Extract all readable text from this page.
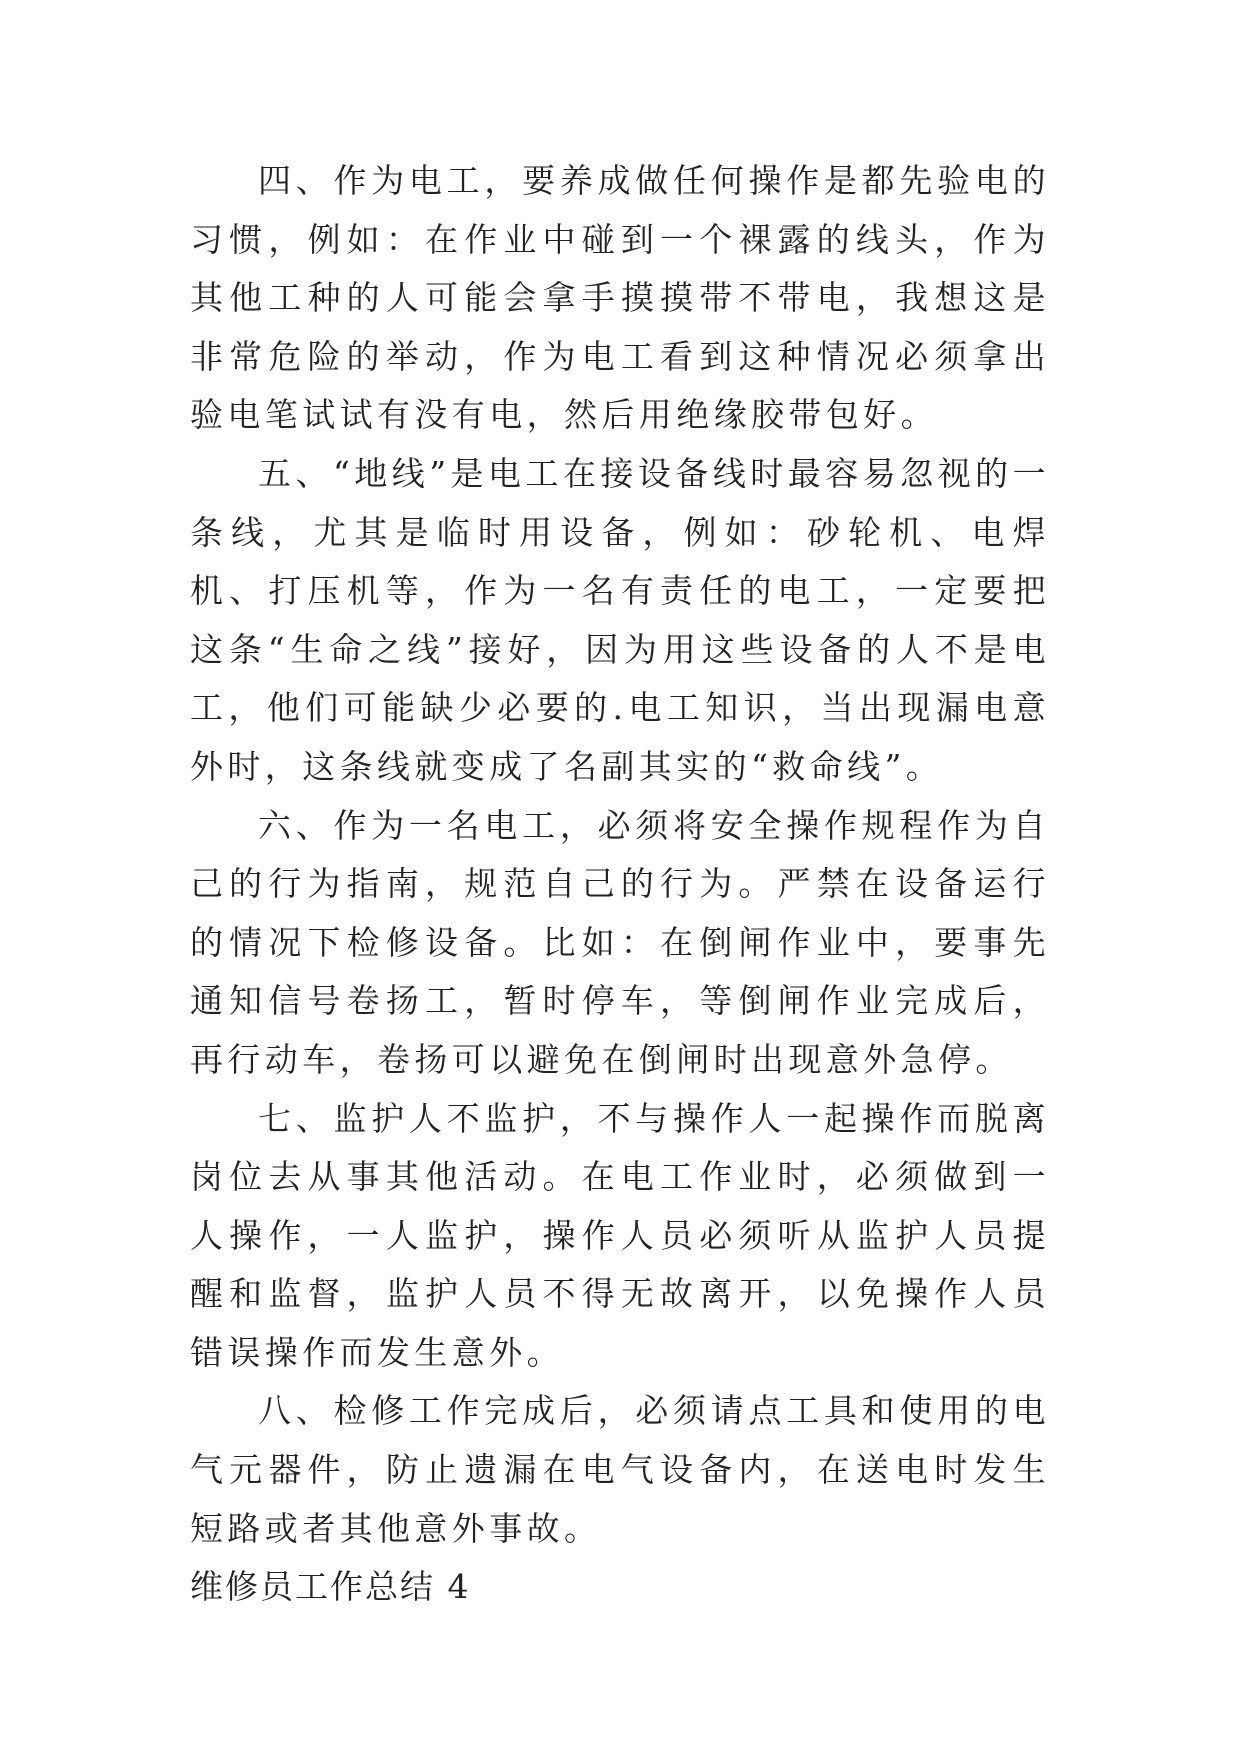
四、作为电工，要养成做任何操作是都先验电的习惯，例如：在作业中碰到一个裸露的线头，作为其他工种的人可能会拿手摸摸带不带电，我想这是非常危险的举动，作为电工看到这种情况必须拿出验电笔试试有没有电，然后用绝缘胶带包好。

五、“地线”是电工在接设备线时最容易忽视的一条线，尤其是临时用设备，例如：砂轮机、电焊机、打压机等，作为一名有责任的电工，一定要把这条“生命之线”接好，因为用这些设备的人不是电工，他们可能缺少必要的.电工知识，当出现漏电意外时，这条线就变成了名副其实的“救命线”。

六、作为一名电工，必须将安全操作规程作为自己的行为指南，规范自己的行为。严禁在设备运行的情况下检修设备。比如：在倒闸作业中，要事先通知信号卷扬工，暂时停车，等倒闸作业完成后，再行动车，卷扬可以避免在倒闸时出现意外急停。

七、监护人不监护，不与操作人一起操作而脱离岗位去从事其他活动。在电工作业时，必须做到一人操作，一人监护，操作人员必须听从监护人员提醒和监督，监护人员不得无故离开，以免操作人员错误操作而发生意外。

八、检修工作完成后，必须请点工具和使用的电气元器件，防止遗漏在电气设备内，在送电时发生短路或者其他意外事故。

维修员工作总结 4
